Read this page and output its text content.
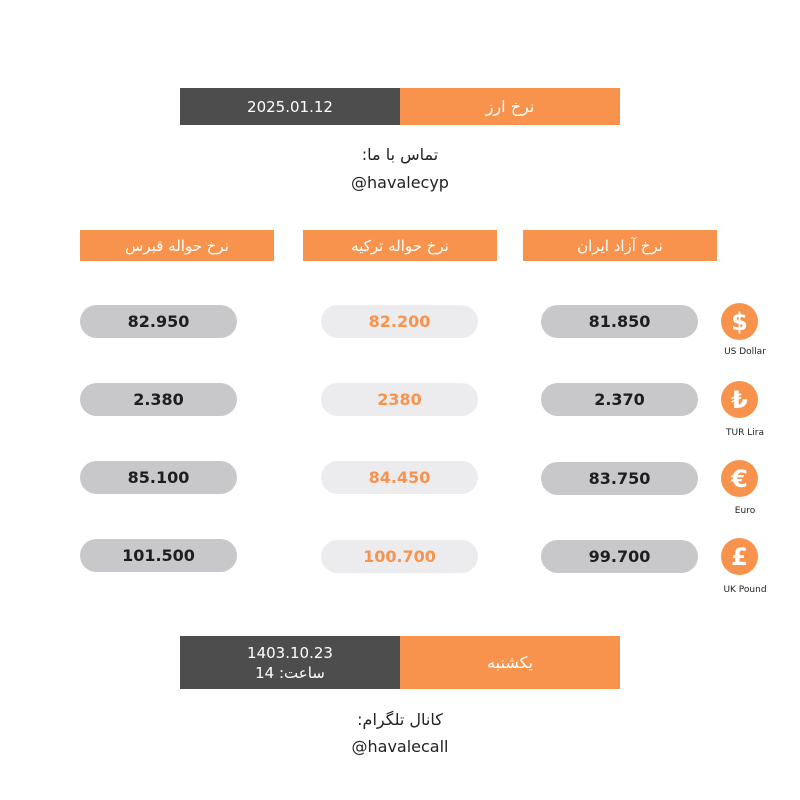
2025.01.12	نرخ ارز
تماس با ما:
@havalecyp
نرخ حواله قبرس	نرخ حواله ترکیه	نرخ آزاد ایران
82.950	82.200	81.850	$
US Dollar
2.380	2380	2.370	₺
TUR Lira
85.100	84.450	83.750	€
Euro
101.500	100.700	99.700	£
UK Pound
1403.10.23
ساعت: 14
یکشنبه
کانال تلگرام:
@havalecall
